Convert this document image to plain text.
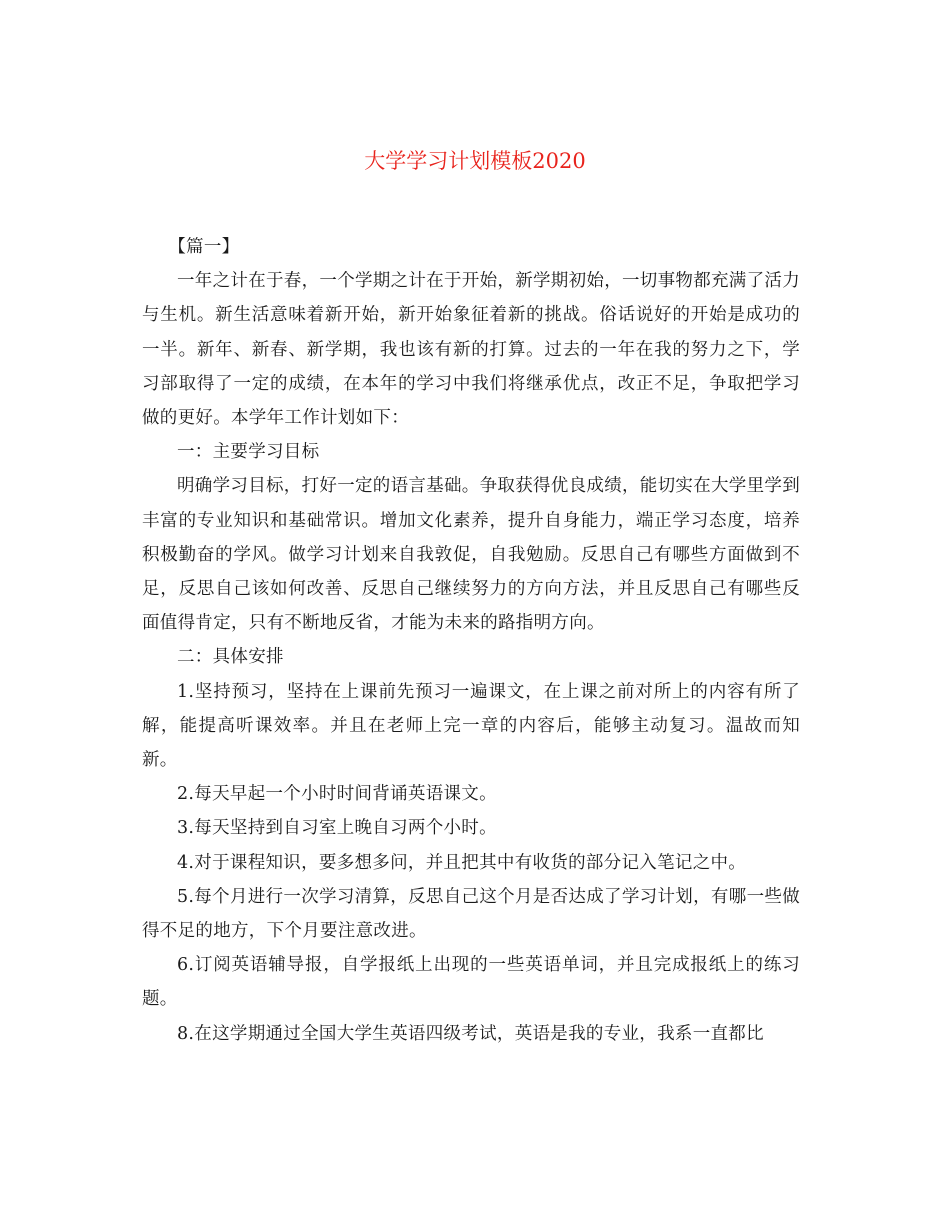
大学学习计划模板2020

【篇一】

一年之计在于春，一个学期之计在于开始，新学期初始，一切事物都充满了活力与生机。新生活意味着新开始，新开始象征着新的挑战。俗话说好的开始是成功的一半。新年、新春、新学期，我也该有新的打算。过去的一年在我的努力之下，学习部取得了一定的成绩，在本年的学习中我们将继承优点，改正不足，争取把学习做的更好。本学年工作计划如下：

一：主要学习目标

明确学习目标，打好一定的语言基础。争取获得优良成绩，能切实在大学里学到丰富的专业知识和基础常识。增加文化素养，提升自身能力，端正学习态度，培养积极勤奋的学风。做学习计划来自我敦促，自我勉励。反思自己有哪些方面做到不足，反思自己该如何改善、反思自己继续努力的方向方法，并且反思自己有哪些反面值得肯定，只有不断地反省，才能为未来的路指明方向。

二：具体安排

1.坚持预习，坚持在上课前先预习一遍课文，在上课之前对所上的内容有所了解，能提高听课效率。并且在老师上完一章的内容后，能够主动复习。温故而知新。

2.每天早起一个小时时间背诵英语课文。

3.每天坚持到自习室上晚自习两个小时。

4.对于课程知识，要多想多问，并且把其中有收货的部分记入笔记之中。

5.每个月进行一次学习清算，反思自己这个月是否达成了学习计划，有哪一些做得不足的地方，下个月要注意改进。

6.订阅英语辅导报，自学报纸上出现的一些英语单词，并且完成报纸上的练习题。

8.在这学期通过全国大学生英语四级考试，英语是我的专业，我系一直都比
